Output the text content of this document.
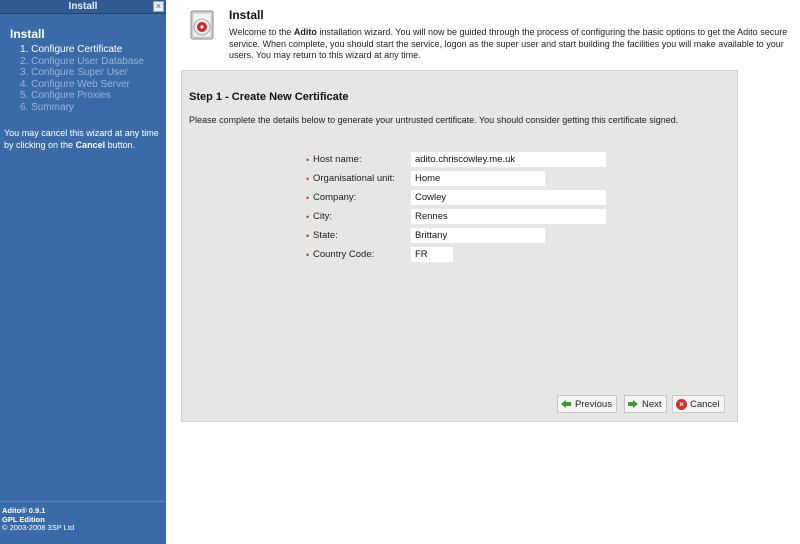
Install	×
Install
1. Configure Certificate
2. Configure User Database
3. Configure Super User
4. Configure Web Server
5. Configure Proxies
6. Summary
You may cancel this wizard at any time by clicking on the Cancel button.
Adito® 0.9.1
GPL Edition
© 2003-2008 3SP Ltd
Install
Welcome to the Adito installation wizard. You will now be guided through the process of configuring the basic options to get the Adito secure service. When complete, you should start the service, logon as the super user and start building the facilities you will make available to your users. You may return to this wizard at any time.
Step 1 - Create New Certificate
Please complete the details below to generate your untrusted certificate. You should consider getting this certificate signed.
• Host name:
adito.chriscowley.me.uk
• Organisational unit:
Home
• Company:
Cowley
• City:
Rennes
• State:
Brittany
• Country Code:
FR
Previous	Next	× Cancel
